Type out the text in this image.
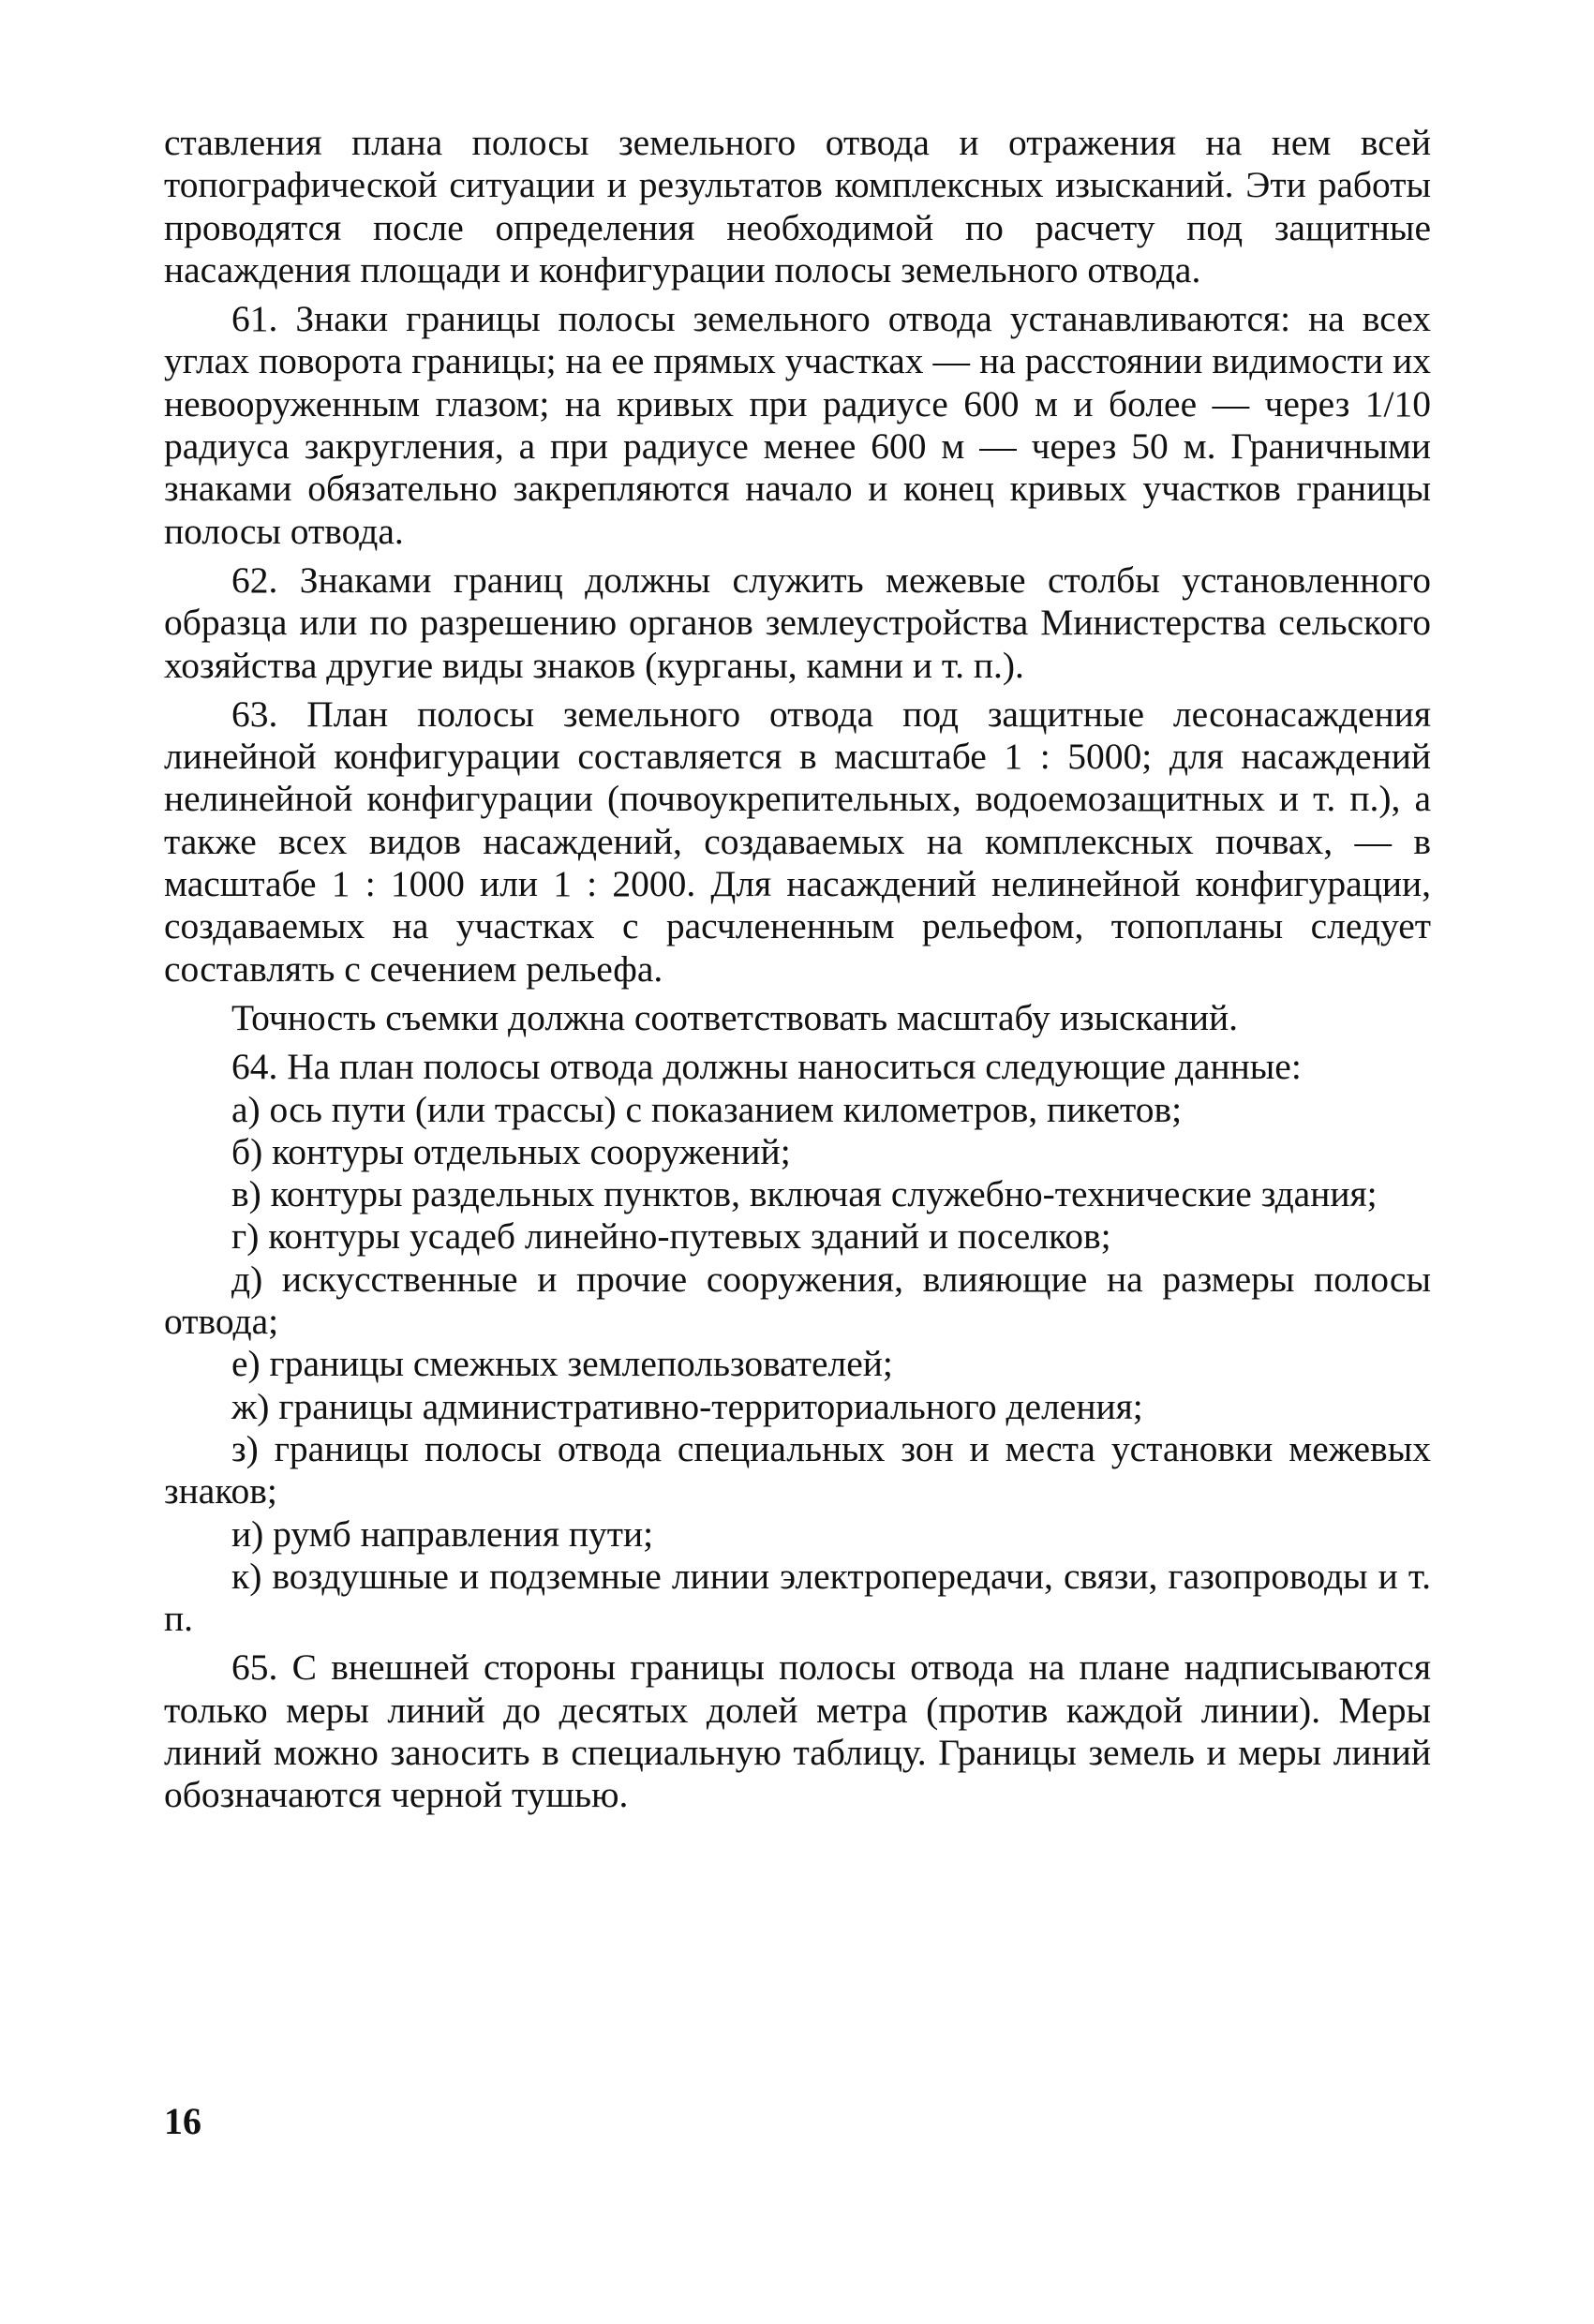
ставления плана полосы земельного отвода и отражения на нем всей топографической ситуации и результатов комплексных изысканий. Эти работы проводятся после определения необходимой по расчету под защитные насаждения площади и конфигурации полосы земельного отвода.

61. Знаки границы полосы земельного отвода устанавливаются: на всех углах поворота границы; на ее прямых участках — на расстоянии видимости их невооруженным глазом; на кривых при радиусе 600 м и более — через 1/10 радиуса закругления, а при радиусе менее 600 м — через 50 м. Граничными знаками обязательно закрепляются начало и конец кривых участков границы полосы отвода.

62. Знаками границ должны служить межевые столбы установленного образца или по разрешению органов землеустройства Министерства сельского хозяйства другие виды знаков (курганы, камни и т. п.).

63. План полосы земельного отвода под защитные лесонасаждения линейной конфигурации составляется в масштабе 1 : 5000; для насаждений нелинейной конфигурации (почвоукрепительных, водоемозащитных и т. п.), а также всех видов насаждений, создаваемых на комплексных почвах, — в масштабе 1 : 1000 или 1 : 2000. Для насаждений нелинейной конфигурации, создаваемых на участках с расчлененным рельефом, топопланы следует составлять с сечением рельефа.

Точность съемки должна соответствовать масштабу изысканий.

64. На план полосы отвода должны наноситься следующие данные:

а) ось пути (или трассы) с показанием километров, пикетов;

б) контуры отдельных сооружений;

в) контуры раздельных пунктов, включая служебно-технические здания;

г) контуры усадеб линейно-путевых зданий и поселков;

д) искусственные и прочие сооружения, влияющие на размеры полосы отвода;

е) границы смежных землепользователей;

ж) границы административно-территориального деления;

з) границы полосы отвода специальных зон и места установки межевых знаков;

и) румб направления пути;

к) воздушные и подземные линии электропередачи, связи, газопроводы и т. п.

65. С внешней стороны границы полосы отвода на плане надписываются только меры линий до десятых долей метра (против каждой линии). Меры линий можно заносить в специальную таблицу. Границы земель и меры линий обозначаются черной тушью.

16
